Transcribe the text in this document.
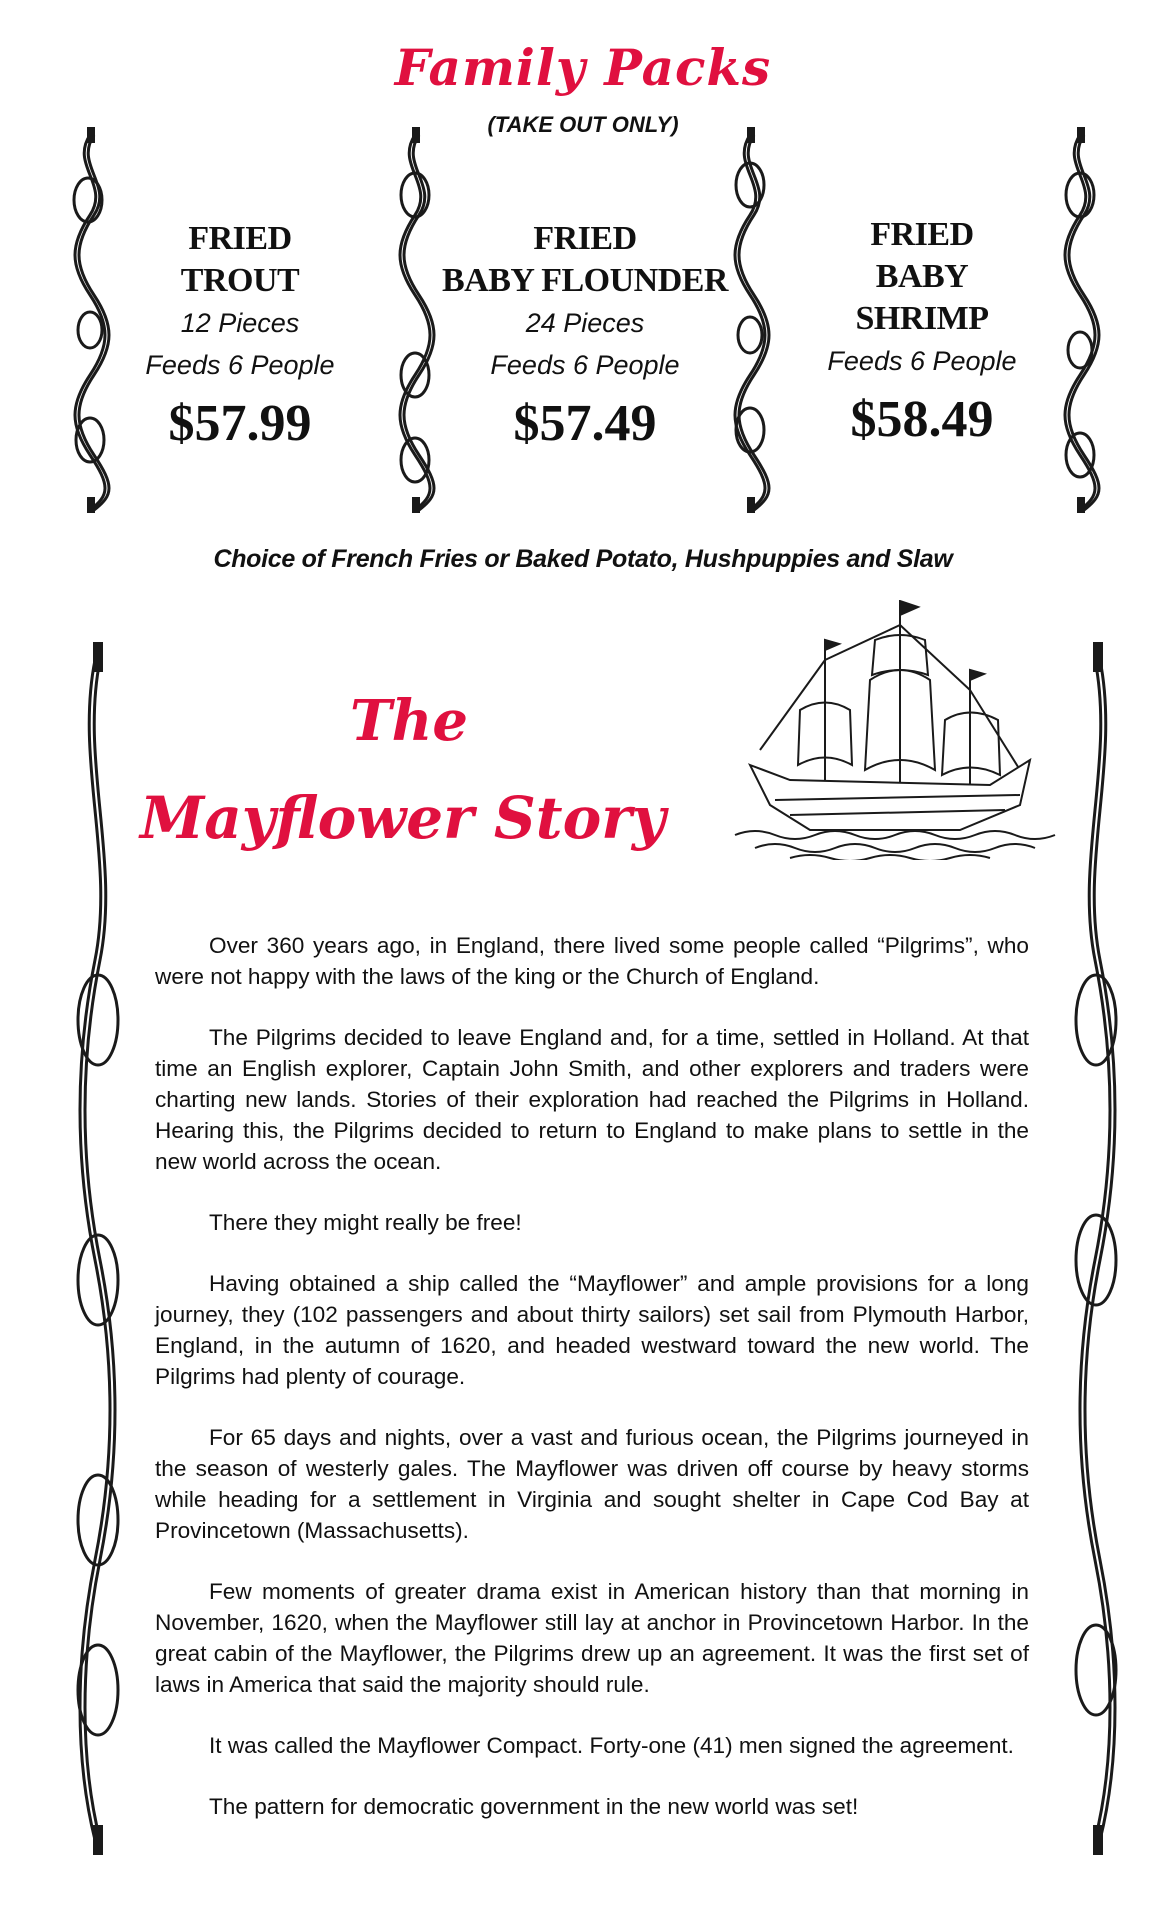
Family Packs
(TAKE OUT ONLY)
FRIED
TROUT
12 Pieces
Feeds 6 People
$57.99
FRIED
BABY FLOUNDER
24 Pieces
Feeds 6 People
$57.49
FRIED
BABY
SHRIMP
Feeds 6 People
$58.49
Choice of French Fries or Baked Potato, Hushpuppies and Slaw
The
Mayflower Story

Over 360 years ago, in England, there lived some people called “Pilgrims”, who were not happy with the laws of the king or the Church of England.

The Pilgrims decided to leave England and, for a time, settled in Holland. At that time an English explorer, Captain John Smith, and other explorers and traders were charting new lands. Stories of their exploration had reached the Pilgrims in Holland. Hearing this, the Pilgrims decided to return to England to make plans to settle in the new world across the ocean.

There they might really be free!

Having obtained a ship called the “Mayflower” and ample provisions for a long journey, they (102 passengers and about thirty sailors) set sail from Plymouth Harbor, England, in the autumn of 1620, and headed westward toward the new world. The Pilgrims had plenty of courage.

For 65 days and nights, over a vast and furious ocean, the Pilgrims journeyed in the season of westerly gales. The Mayflower was driven off course by heavy storms while heading for a settlement in Virginia and sought shelter in Cape Cod Bay at Provincetown (Massachusetts).

Few moments of greater drama exist in American history than that morning in November, 1620, when the Mayflower still lay at anchor in Provincetown Harbor. In the great cabin of the Mayflower, the Pilgrims drew up an agreement. It was the first set of laws in America that said the majority should rule.

It was called the Mayflower Compact. Forty-one (41) men signed the agreement.

The pattern for democratic government in the new world was set!
